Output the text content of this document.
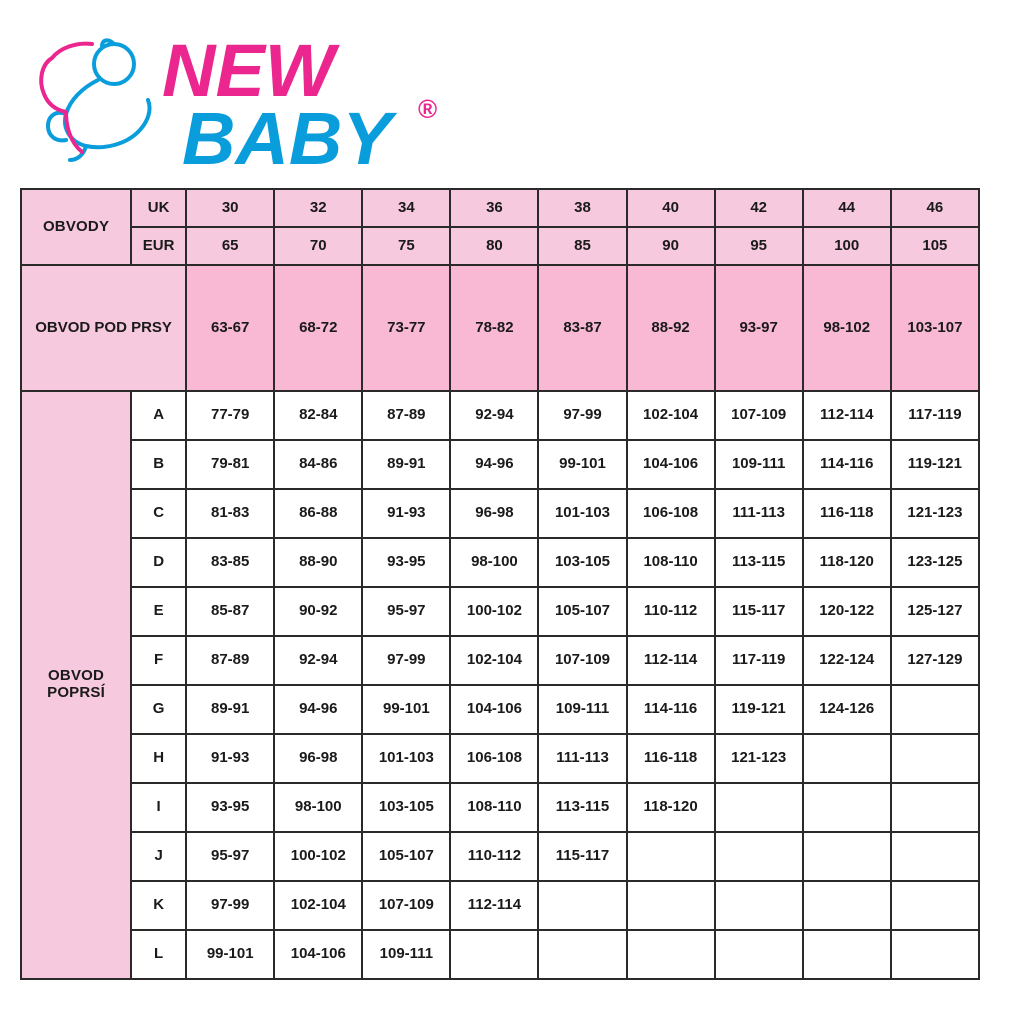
NEW	®
BABY
OBVODY	UK	30	32	34	36	38	40	42	44	46
	EUR	65	70	75	80	85	90	95	100	105
OBVOD POD PRSY		63-67	68-72	73-77	78-82	83-87	88-92	93-97	98-102	103-107
OBVOD POPRSÍ	A	77-79	82-84	87-89	92-94	97-99	102-104	107-109	112-114	117-119
	B	79-81	84-86	89-91	94-96	99-101	104-106	109-111	114-116	119-121
	C	81-83	86-88	91-93	96-98	101-103	106-108	111-113	116-118	121-123
	D	83-85	88-90	93-95	98-100	103-105	108-110	113-115	118-120	123-125
	E	85-87	90-92	95-97	100-102	105-107	110-112	115-117	120-122	125-127
	F	87-89	92-94	97-99	102-104	107-109	112-114	117-119	122-124	127-129
	G	89-91	94-96	99-101	104-106	109-111	114-116	119-121	124-126	
	H	91-93	96-98	101-103	106-108	111-113	116-118	121-123		
	I	93-95	98-100	103-105	108-110	113-115	118-120			
	J	95-97	100-102	105-107	110-112	115-117				
	K	97-99	102-104	107-109	112-114					
	L	99-101	104-106	109-111						
